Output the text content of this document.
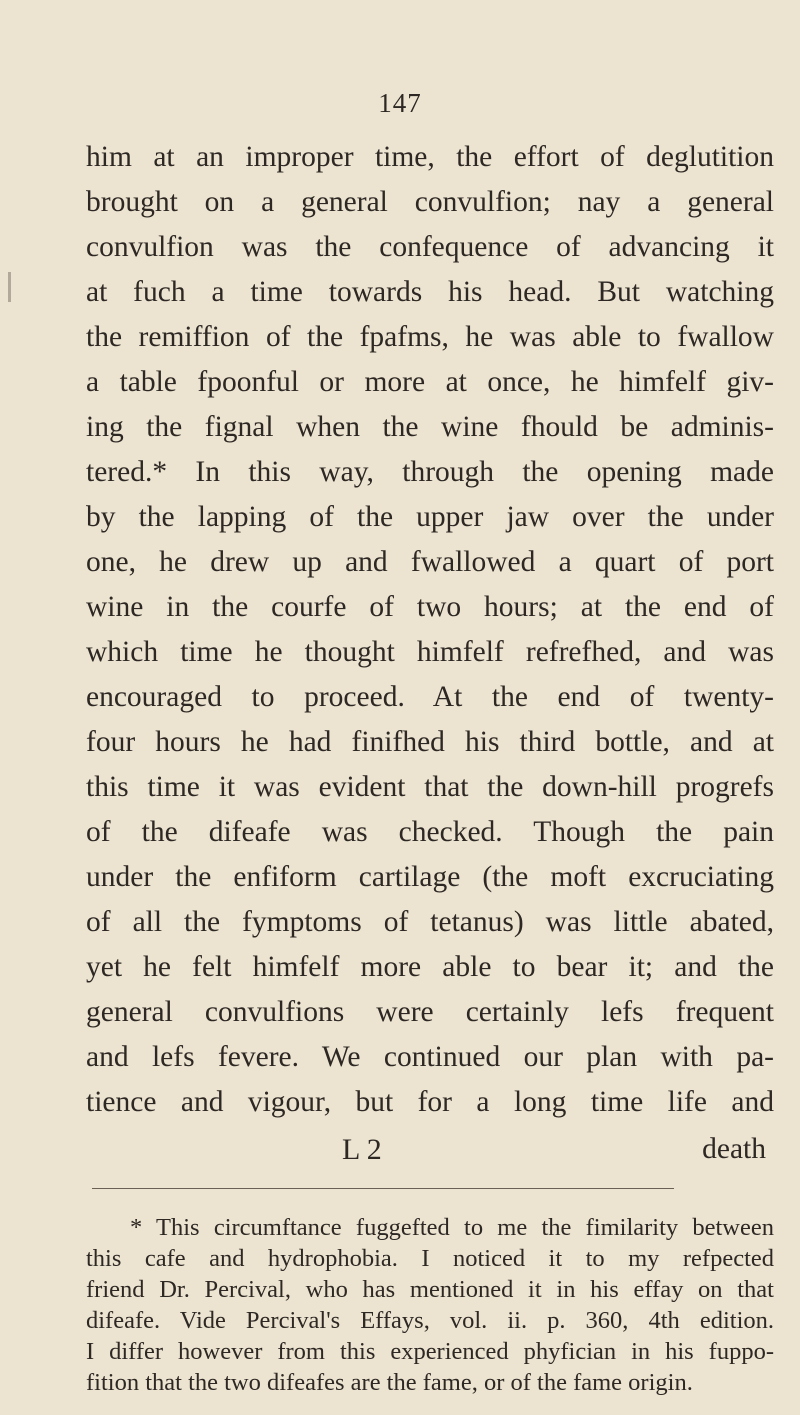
147
him at an improper time, the effort of deglutition
brought on a general convulfion; nay a general
convulfion was the confequence of advancing it
at fuch a time towards his head. But watching
the remiffion of the fpafms, he was able to fwallow
a table fpoonful or more at once, he himfelf giv-
ing the fignal when the wine fhould be adminis-
tered.* In this way, through the opening made
by the lapping of the upper jaw over the under
one, he drew up and fwallowed a quart of port
wine in the courfe of two hours; at the end of
which time he thought himfelf refrefhed, and was
encouraged to proceed. At the end of twenty-
four hours he had finifhed his third bottle, and at
this time it was evident that the down-hill progrefs
of the difeafe was checked. Though the pain
under the enfiform cartilage (the moft excruciating
of all the fymptoms of tetanus) was little abated,
yet he felt himfelf more able to bear it; and the
general convulfions were certainly lefs frequent
and lefs fevere. We continued our plan with pa-
tience and vigour, but for a long time life and
L 2	death
* This circumftance fuggefted to me the fimilarity between
this cafe and hydrophobia. I noticed it to my refpected
friend Dr. Percival, who has mentioned it in his effay on that
difeafe. Vide Percival's Effays, vol. ii. p. 360, 4th edition.
I differ however from this experienced phyfician in his fuppo-
fition that the two difeafes are the fame, or of the fame origin.
